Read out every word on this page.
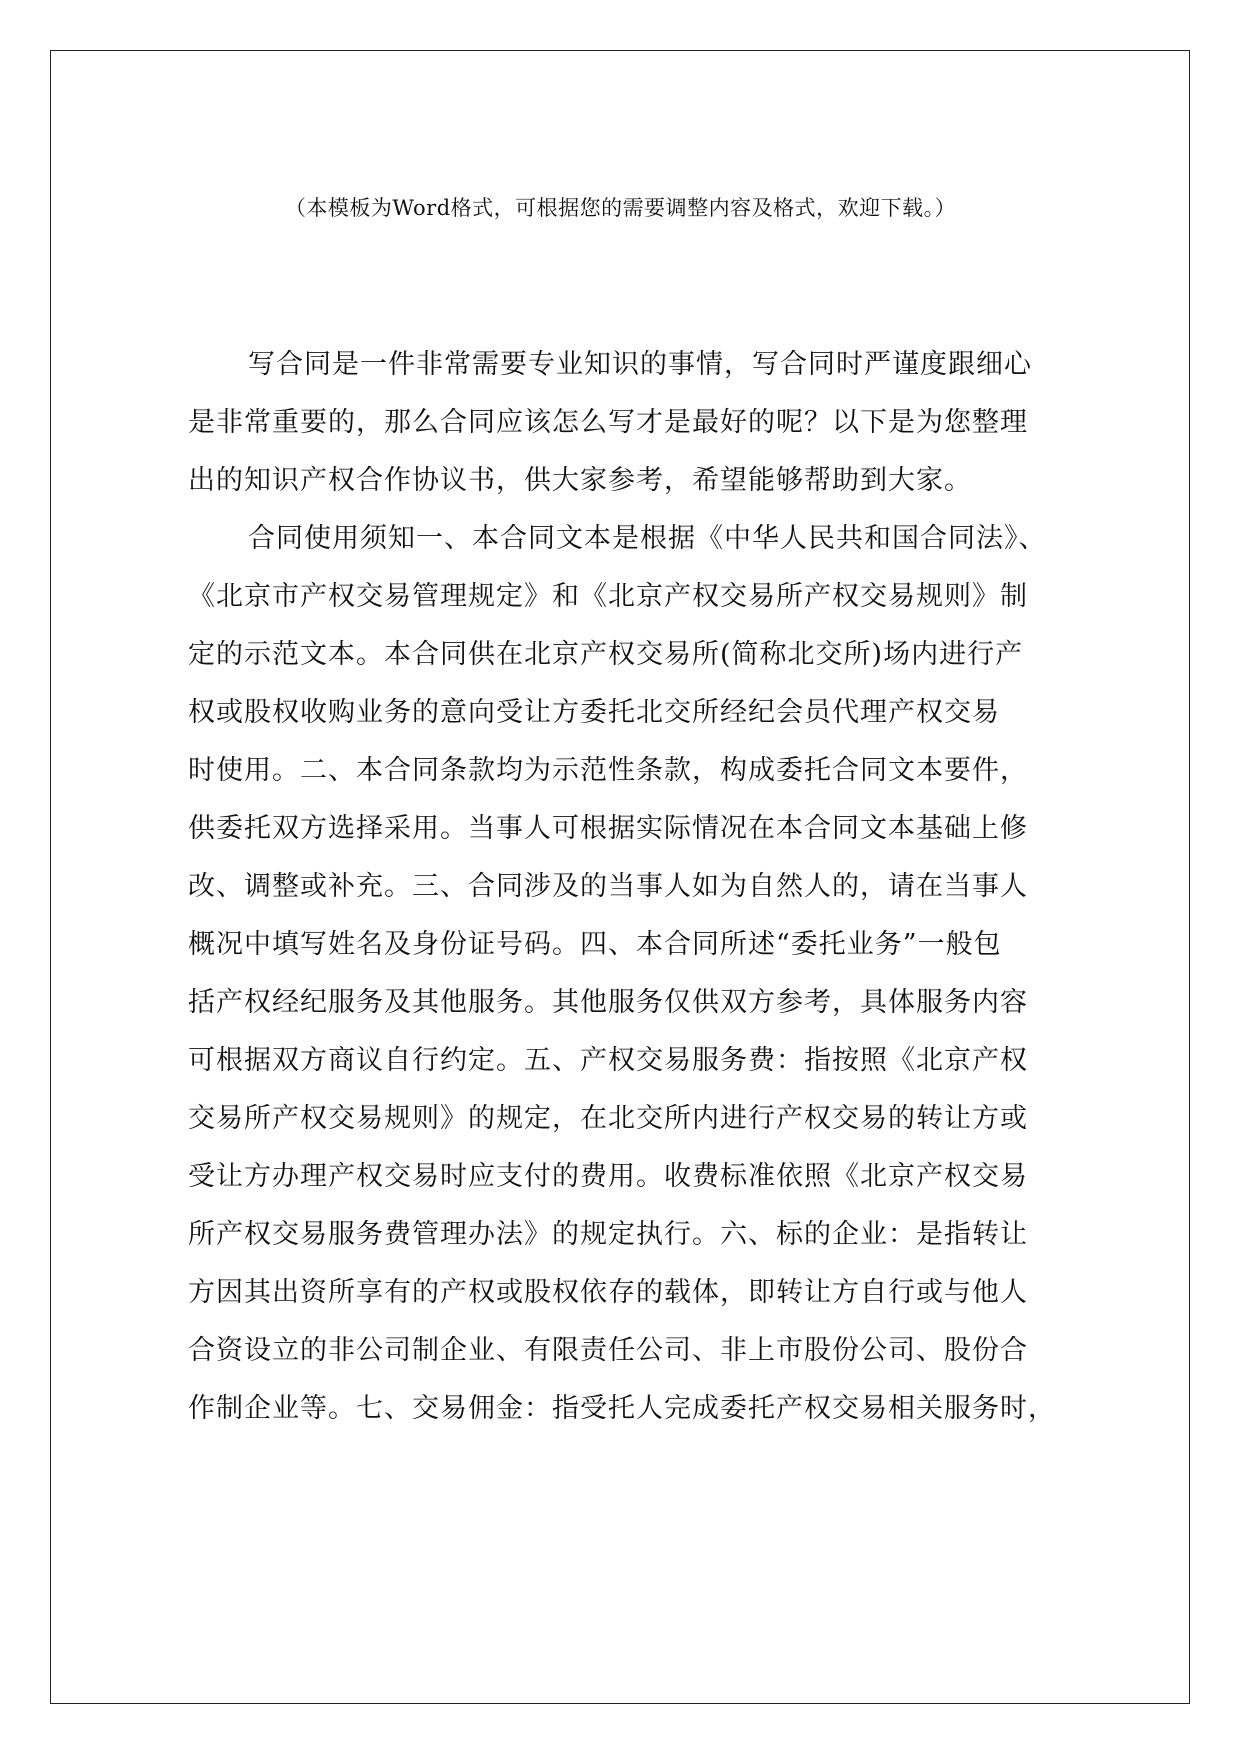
（本模板为Word格式，可根据您的需要调整内容及格式，欢迎下载。）
写合同是一件非常需要专业知识的事情，写合同时严谨度跟细心
是非常重要的，那么合同应该怎么写才是最好的呢？以下是为您整理
出的知识产权合作协议书，供大家参考，希望能够帮助到大家。
合同使用须知一、本合同文本是根据《中华人民共和国合同法》、
《北京市产权交易管理规定》和《北京产权交易所产权交易规则》制
定的示范文本。本合同供在北京产权交易所(简称北交所)场内进行产
权或股权收购业务的意向受让方委托北交所经纪会员代理产权交易
时使用。二、本合同条款均为示范性条款，构成委托合同文本要件，
供委托双方选择采用。当事人可根据实际情况在本合同文本基础上修
改、调整或补充。三、合同涉及的当事人如为自然人的，请在当事人
概况中填写姓名及身份证号码。四、本合同所述“委托业务”一般包
括产权经纪服务及其他服务。其他服务仅供双方参考，具体服务内容
可根据双方商议自行约定。五、产权交易服务费：指按照《北京产权
交易所产权交易规则》的规定，在北交所内进行产权交易的转让方或
受让方办理产权交易时应支付的费用。收费标准依照《北京产权交易
所产权交易服务费管理办法》的规定执行。六、标的企业：是指转让
方因其出资所享有的产权或股权依存的载体，即转让方自行或与他人
合资设立的非公司制企业、有限责任公司、非上市股份公司、股份合
作制企业等。七、交易佣金：指受托人完成委托产权交易相关服务时，
